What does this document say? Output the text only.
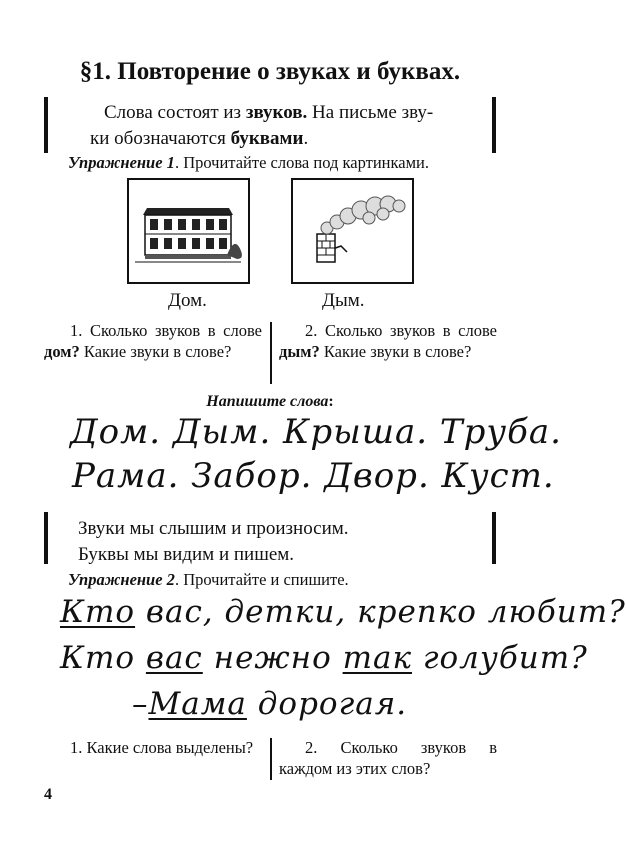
§1. Повторение о звуках и буквах.
Слова состоят из звуков. На письме зву-
ки обозначаются буквами.
Упражнение 1. Прочитайте слова под картинками.
Дом.	Дым.
1. Сколько звуков в слове дом? Какие звуки в слове?
2. Сколько звуков в слове дым? Какие звуки в слове?
Напишите слова:
Дом. Дым. Крыша. Труба.
Рама. Забор. Двор. Куст.
Звуки мы слышим и произносим.
Буквы мы видим и пишем.
Упражнение 2. Прочитайте и спишите.
Кто вас, детки, крепко любит?
Кто вас нежно так голубит?
–Мама дорогая.
1. Какие слова выделены?	2. Сколько звуков в каждом из этих слов?
4
